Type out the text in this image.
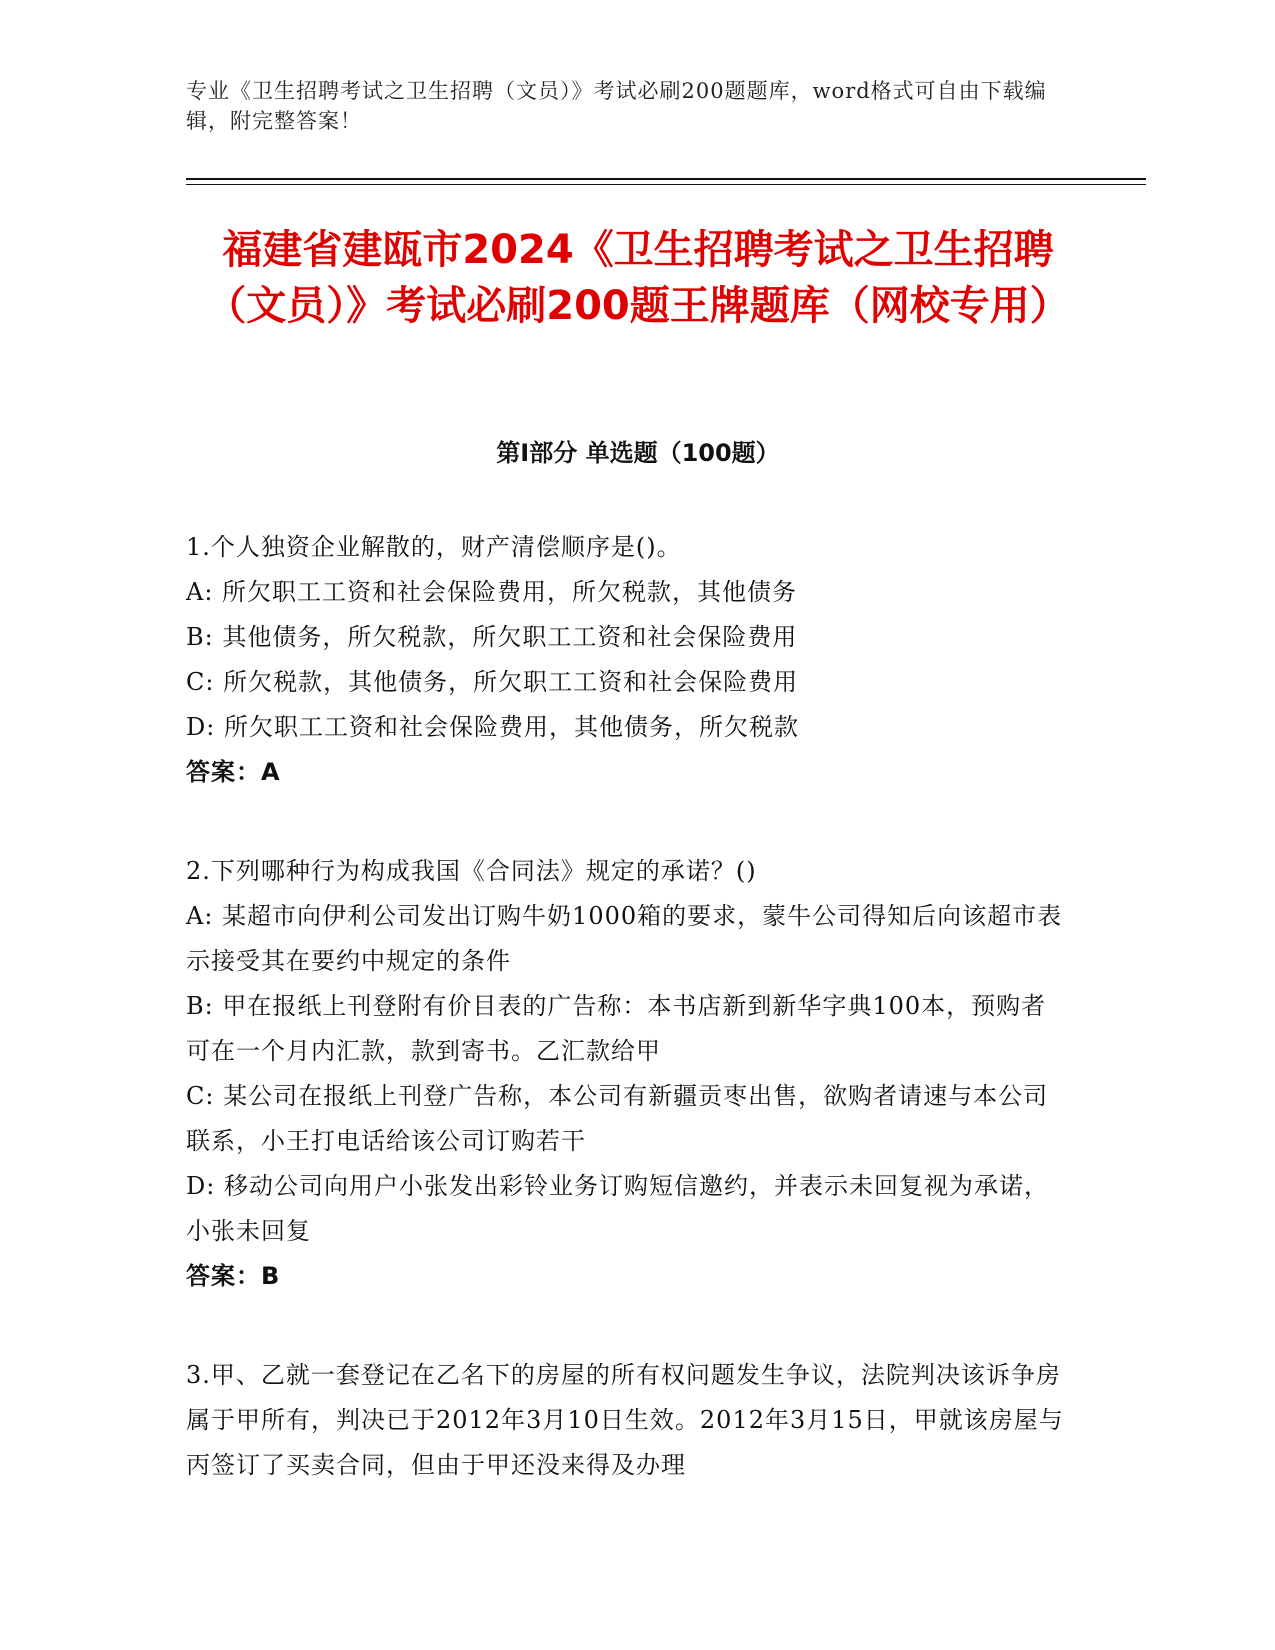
专业《卫生招聘考试之卫生招聘（文员）》考试必刷200题题库，word格式可自由下载编辑，附完整答案！
福建省建瓯市2024《卫生招聘考试之卫生招聘（文员）》考试必刷200题王牌题库（网校专用）
第I部分 单选题（100题）

1.个人独资企业解散的，财产清偿顺序是()。

A: 所欠职工工资和社会保险费用，所欠税款，其他债务

B: 其他债务，所欠税款，所欠职工工资和社会保险费用

C: 所欠税款，其他债务，所欠职工工资和社会保险费用

D: 所欠职工工资和社会保险费用，其他债务，所欠税款

答案：A

2.下列哪种行为构成我国《合同法》规定的承诺？()

A: 某超市向伊利公司发出订购牛奶1000箱的要求，蒙牛公司得知后向该超市表示接受其在要约中规定的条件

B: 甲在报纸上刊登附有价目表的广告称：本书店新到新华字典100本，预购者可在一个月内汇款，款到寄书。乙汇款给甲

C: 某公司在报纸上刊登广告称，本公司有新疆贡枣出售，欲购者请速与本公司联系，小王打电话给该公司订购若干

D: 移动公司向用户小张发出彩铃业务订购短信邀约，并表示未回复视为承诺，小张未回复

答案：B

3.甲、乙就一套登记在乙名下的房屋的所有权问题发生争议，法院判决该诉争房属于甲所有，判决已于2012年3月10日生效。2012年3月15日，甲就该房屋与丙签订了买卖合同，但由于甲还没来得及办理
